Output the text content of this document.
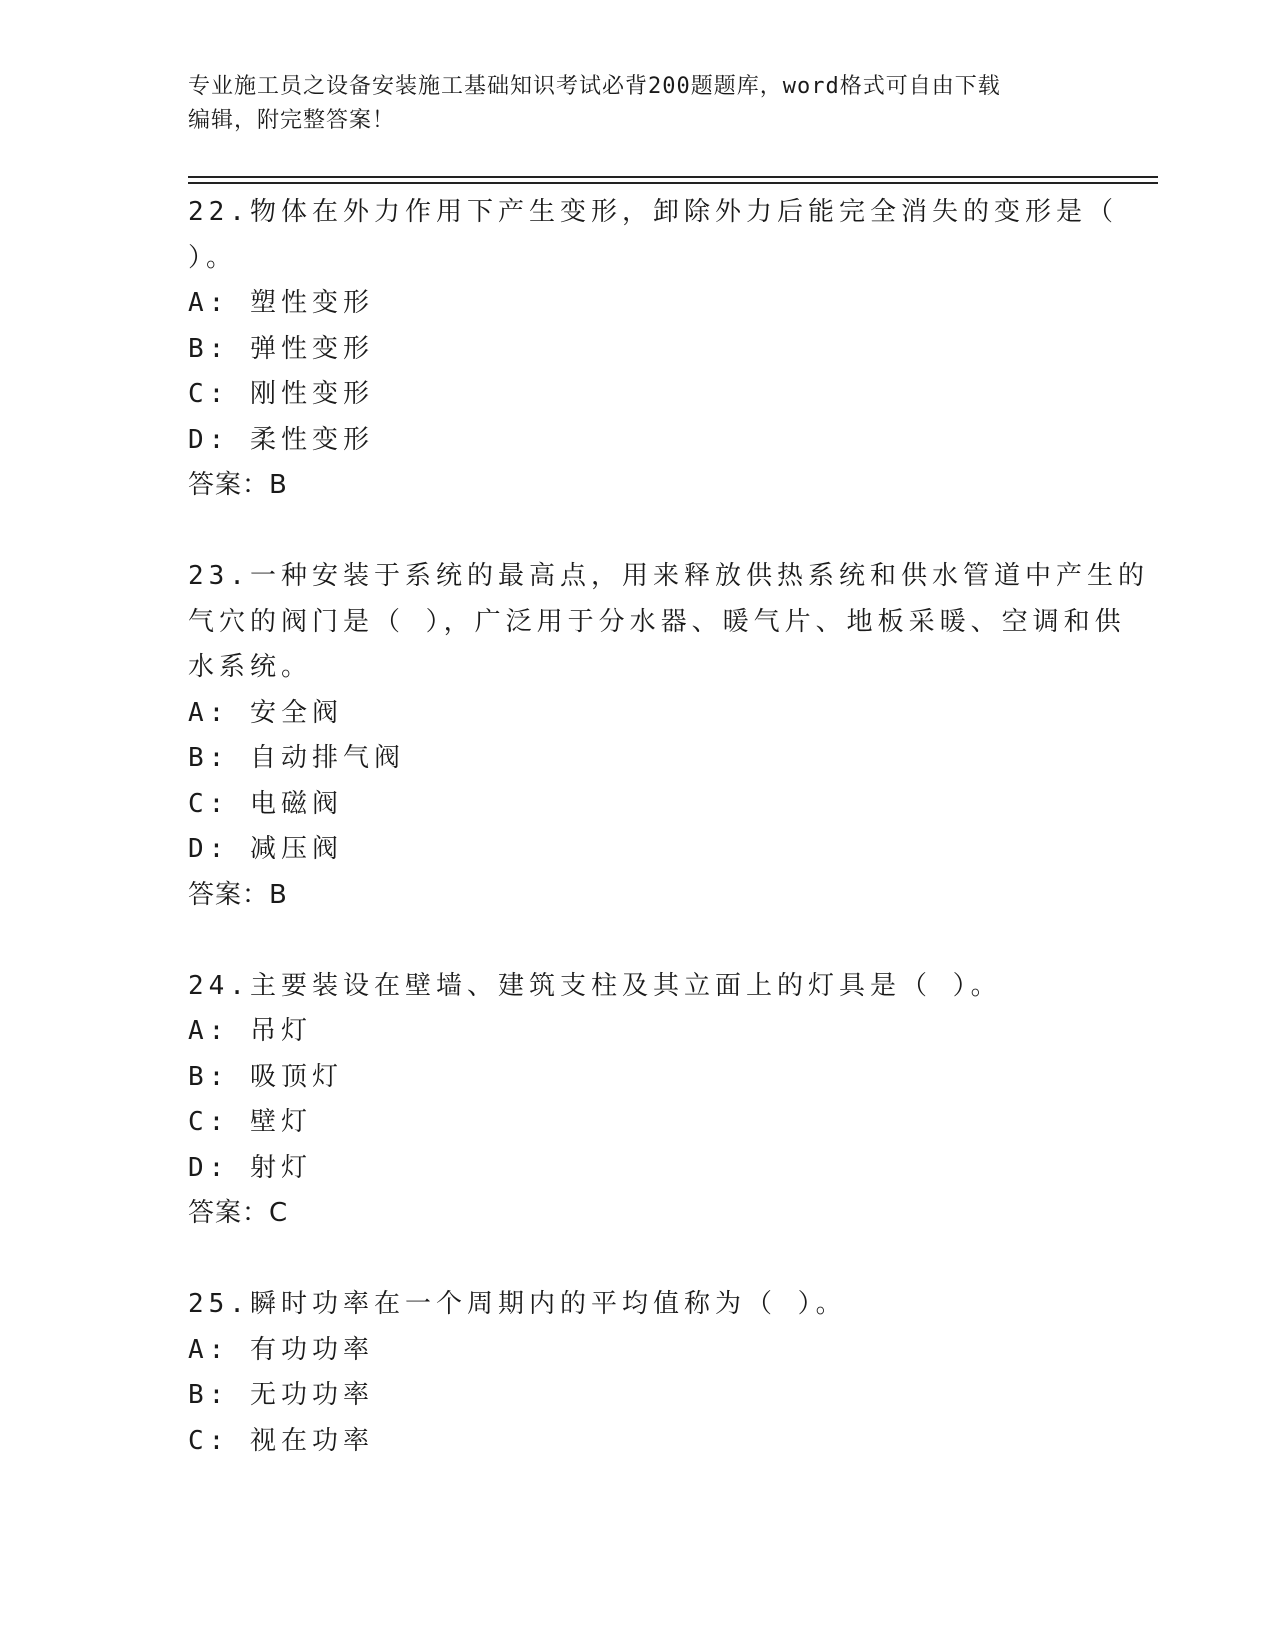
专业施工员之设备安装施工基础知识考试必背200题题库，word格式可自由下载
编辑，附完整答案！
22.物体在外力作用下产生变形，卸除外力后能完全消失的变形是（
）。
A: 塑性变形
B: 弹性变形
C: 刚性变形
D: 柔性变形
答案：B
23.一种安装于系统的最高点，用来释放供热系统和供水管道中产生的
气穴的阀门是（ ），广泛用于分水器、暖气片、地板采暖、空调和供
水系统。
A: 安全阀
B: 自动排气阀
C: 电磁阀
D: 减压阀
答案：B
24.主要装设在壁墙、建筑支柱及其立面上的灯具是（ ）。
A: 吊灯
B: 吸顶灯
C: 壁灯
D: 射灯
答案：C
25.瞬时功率在一个周期内的平均值称为（ ）。
A: 有功功率
B: 无功功率
C: 视在功率
